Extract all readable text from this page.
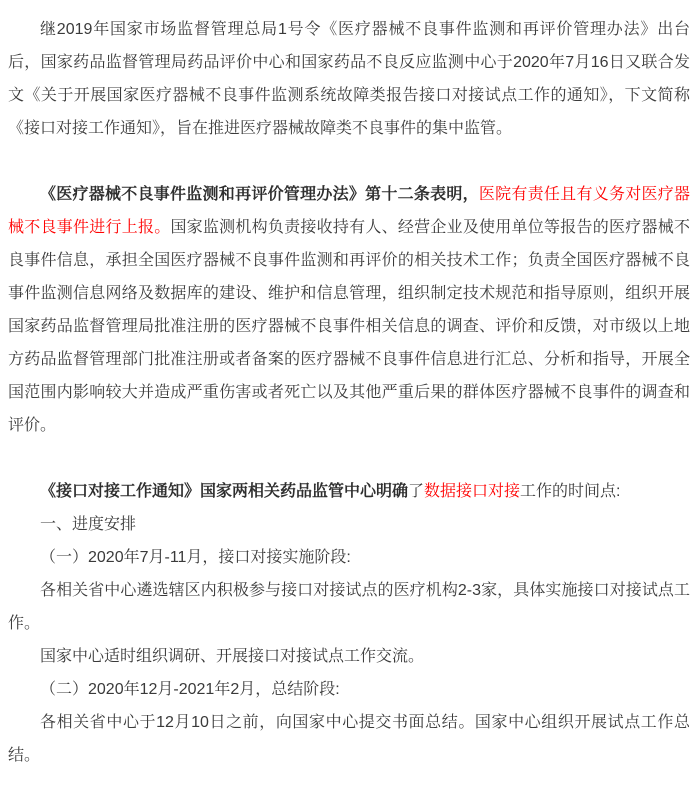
继2019年国家市场监督管理总局1号令《医疗器械不良事件监测和再评价管理办法》出台后，国家药品监督管理局药品评价中心和国家药品不良反应监测中心于2020年7月16日又联合发文《关于开展国家医疗器械不良事件监测系统故障类报告接口对接试点工作的通知》，下文简称《接口对接工作通知》，旨在推进医疗器械故障类不良事件的集中监管。

《医疗器械不良事件监测和再评价管理办法》第十二条表明，医院有责任且有义务对医疗器械不良事件进行上报。国家监测机构负责接收持有人、经营企业及使用单位等报告的医疗器械不良事件信息，承担全国医疗器械不良事件监测和再评价的相关技术工作；负责全国医疗器械不良事件监测信息网络及数据库的建设、维护和信息管理，组织制定技术规范和指导原则，组织开展国家药品监督管理局批准注册的医疗器械不良事件相关信息的调查、评价和反馈，对市级以上地方药品监督管理部门批准注册或者备案的医疗器械不良事件信息进行汇总、分析和指导，开展全国范围内影响较大并造成严重伤害或者死亡以及其他严重后果的群体医疗器械不良事件的调查和评价。

《接口对接工作通知》国家两相关药品监管中心明确了数据接口对接工作的时间点:

一、进度安排

（一）2020年7月-11月，接口对接实施阶段:

各相关省中心遴选辖区内积极参与接口对接试点的医疗机构2-3家，具体实施接口对接试点工作。

国家中心适时组织调研、开展接口对接试点工作交流。

（二）2020年12月-2021年2月，总结阶段:

各相关省中心于12月10日之前，向国家中心提交书面总结。国家中心组织开展试点工作总结。
